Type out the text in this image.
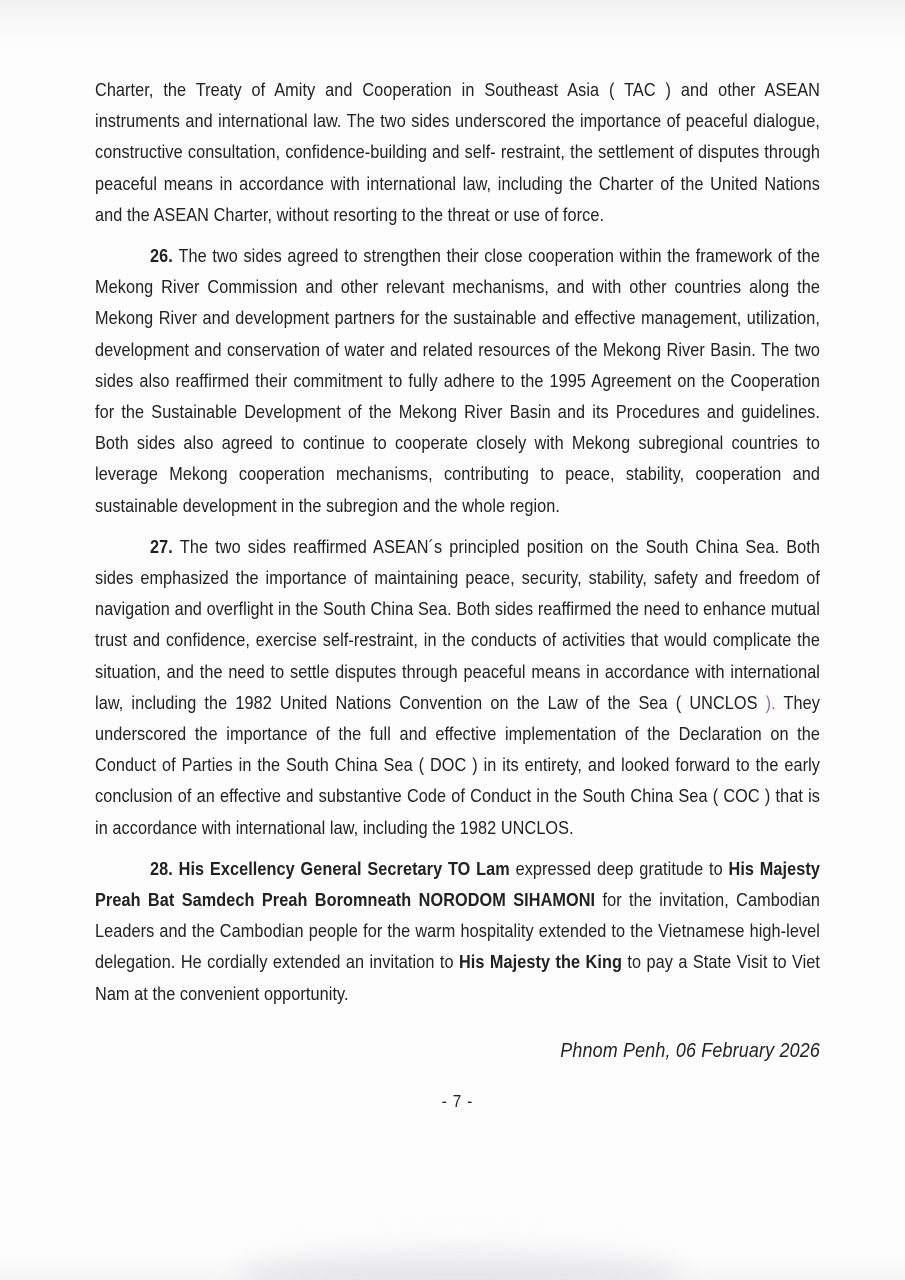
Charter, the Treaty of Amity and Cooperation in Southeast Asia ( TAC ) and other ASEAN instruments and international law. The two sides underscored the importance of peaceful dialogue, constructive consultation, confidence-building and self- restraint, the settlement of disputes through peaceful means in accordance with international law, including the Charter of the United Nations and the ASEAN Charter, without resorting to the threat or use of force.

26. The two sides agreed to strengthen their close cooperation within the framework of the Mekong River Commission and other relevant mechanisms, and with other countries along the Mekong River and development partners for the sustainable and effective management, utilization, development and conservation of water and related resources of the Mekong River Basin. The two sides also reaffirmed their commitment to fully adhere to the 1995 Agreement on the Cooperation for the Sustainable Development of the Mekong River Basin and its Procedures and guidelines. Both sides also agreed to continue to cooperate closely with Mekong subregional countries to leverage Mekong cooperation mechanisms, contributing to peace, stability, cooperation and sustainable development in the subregion and the whole region.

27. The two sides reaffirmed ASEAN´s principled position on the South China Sea. Both sides emphasized the importance of maintaining peace, security, stability, safety and freedom of navigation and overflight in the South China Sea. Both sides reaffirmed the need to enhance mutual trust and confidence, exercise self-restraint, in the conducts of activities that would complicate the situation, and the need to settle disputes through peaceful means in accordance with international law, including the 1982 United Nations Convention on the Law of the Sea ( UNCLOS ). They underscored the importance of the full and effective implementation of the Declaration on the Conduct of Parties in the South China Sea ( DOC ) in its entirety, and looked forward to the early conclusion of an effective and substantive Code of Conduct in the South China Sea ( COC ) that is in accordance with international law, including the 1982 UNCLOS.

28. His Excellency General Secretary TO Lam expressed deep gratitude to His Majesty Preah Bat Samdech Preah Boromneath NORODOM SIHAMONI for the invitation, Cambodian Leaders and the Cambodian people for the warm hospitality extended to the Vietnamese high-level delegation. He cordially extended an invitation to His Majesty the King to pay a State Visit to Viet Nam at the convenient opportunity.

Phnom Penh, 06 February 2026
- 7 -
